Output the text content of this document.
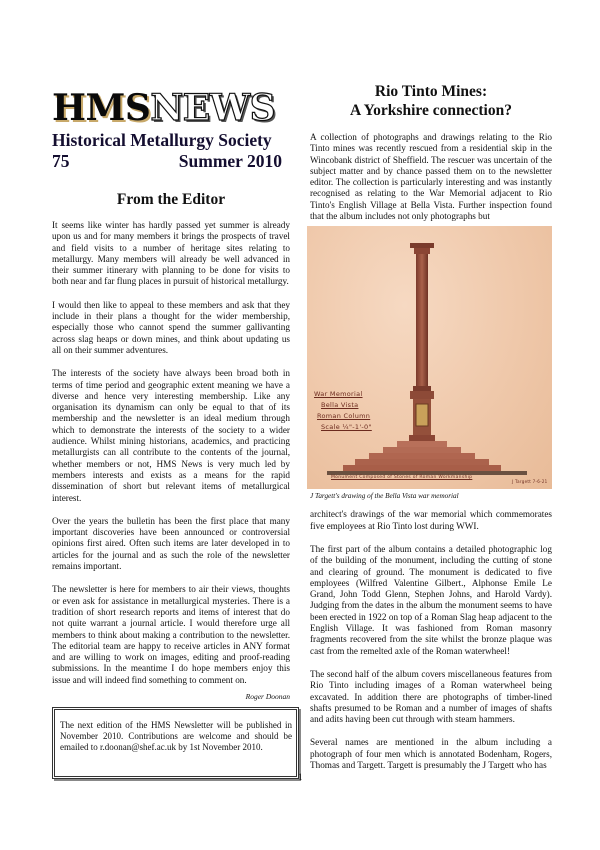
HMSNEWS
Historical Metallurgy Society
75	Summer 2010
From the Editor

It seems like winter has hardly passed yet summer is already upon us and for many members it brings the prospects of travel and field visits to a number of heritage sites relating to metallurgy. Many members will already be well advanced in their summer itinerary with planning to be done for visits to both near and far flung places in pursuit of historical metallurgy.

I would then like to appeal to these members and ask that they include in their plans a thought for the wider membership, especially those who cannot spend the summer gallivanting across slag heaps or down mines, and think about updating us all on their summer adventures.

The interests of the society have always been broad both in terms of time period and geographic extent meaning we have a diverse and hence very interesting membership. Like any organisation its dynamism can only be equal to that of its membership and the newsletter is an ideal medium through which to demonstrate the interests of the society to a wider audience. Whilst mining historians, academics, and practicing metallurgists can all contribute to the contents of the journal, whether members or not, HMS News is very much led by members interests and exists as a means for the rapid dissemination of short but relevant items of metallurgical interest.

Over the years the bulletin has been the first place that many important discoveries have been announced or controversial opinions first aired. Often such items are later developed in to articles for the journal and as such the role of the newsletter remains important.

The newsletter is here for members to air their views, thoughts or even ask for assistance in metallurgical mysteries. There is a tradition of short research reports and items of interest that do not quite warrant a journal article. I would therefore urge all members to think about making a contribution to the newsletter. The editorial team are happy to receive articles in ANY format and are willing to work on images, editing and proof-reading submissions. In the meantime I do hope members enjoy this issue and will indeed find something to comment on.

Roger Doonan

The next edition of the HMS Newsletter will be published in November 2010. Contributions are welcome and should be emailed to r.doonan@shef.ac.uk by 1st November 2010.

Rio Tinto Mines:
A Yorkshire connection?

A collection of photographs and drawings relating to the Rio Tinto mines was recently rescued from a residential skip in the Wincobank district of Sheffield. The rescuer was uncertain of the subject matter and by chance passed them on to the newsletter editor. The collection is particularly interesting and was instantly recognised as relating to the War Memorial adjacent to Rio Tinto's English Village at Bella Vista. Further inspection found that the album includes not only photographs but

War Memorial
Bella Vista
Roman Column
Scale ¼"-1'-0"
Monument Composed of Stones of Roman Workmanship
J Targett 7-6-21
J Targett's drawing of the Bella Vista war memorial

architect's drawings of the war memorial which commemorates five employees at Rio Tinto lost during WWI.

The first part of the album contains a detailed photographic log of the building of the monument, including the cutting of stone and clearing of ground. The monument is dedicated to five employees (Wilfred Valentine Gilbert., Alphonse Emile Le Grand, John Todd Glenn, Stephen Johns, and Harold Vardy). Judging from the dates in the album the monument seems to have been erected in 1922 on top of a Roman Slag heap adjacent to the English Village. It was fashioned from Roman masonry fragments recovered from the site whilst the bronze plaque was cast from the remelted axle of the Roman waterwheel!

The second half of the album covers miscellaneous features from Rio Tinto including images of a Roman waterwheel being excavated. In addition there are photographs of timber-lined shafts presumed to be Roman and a number of images of shafts and adits having been cut through with steam hammers.

Several names are mentioned in the album including a photograph of four men which is annotated Bodenham, Rogers, Thomas and Targett. Targett is presumably the J Targett who has

1
